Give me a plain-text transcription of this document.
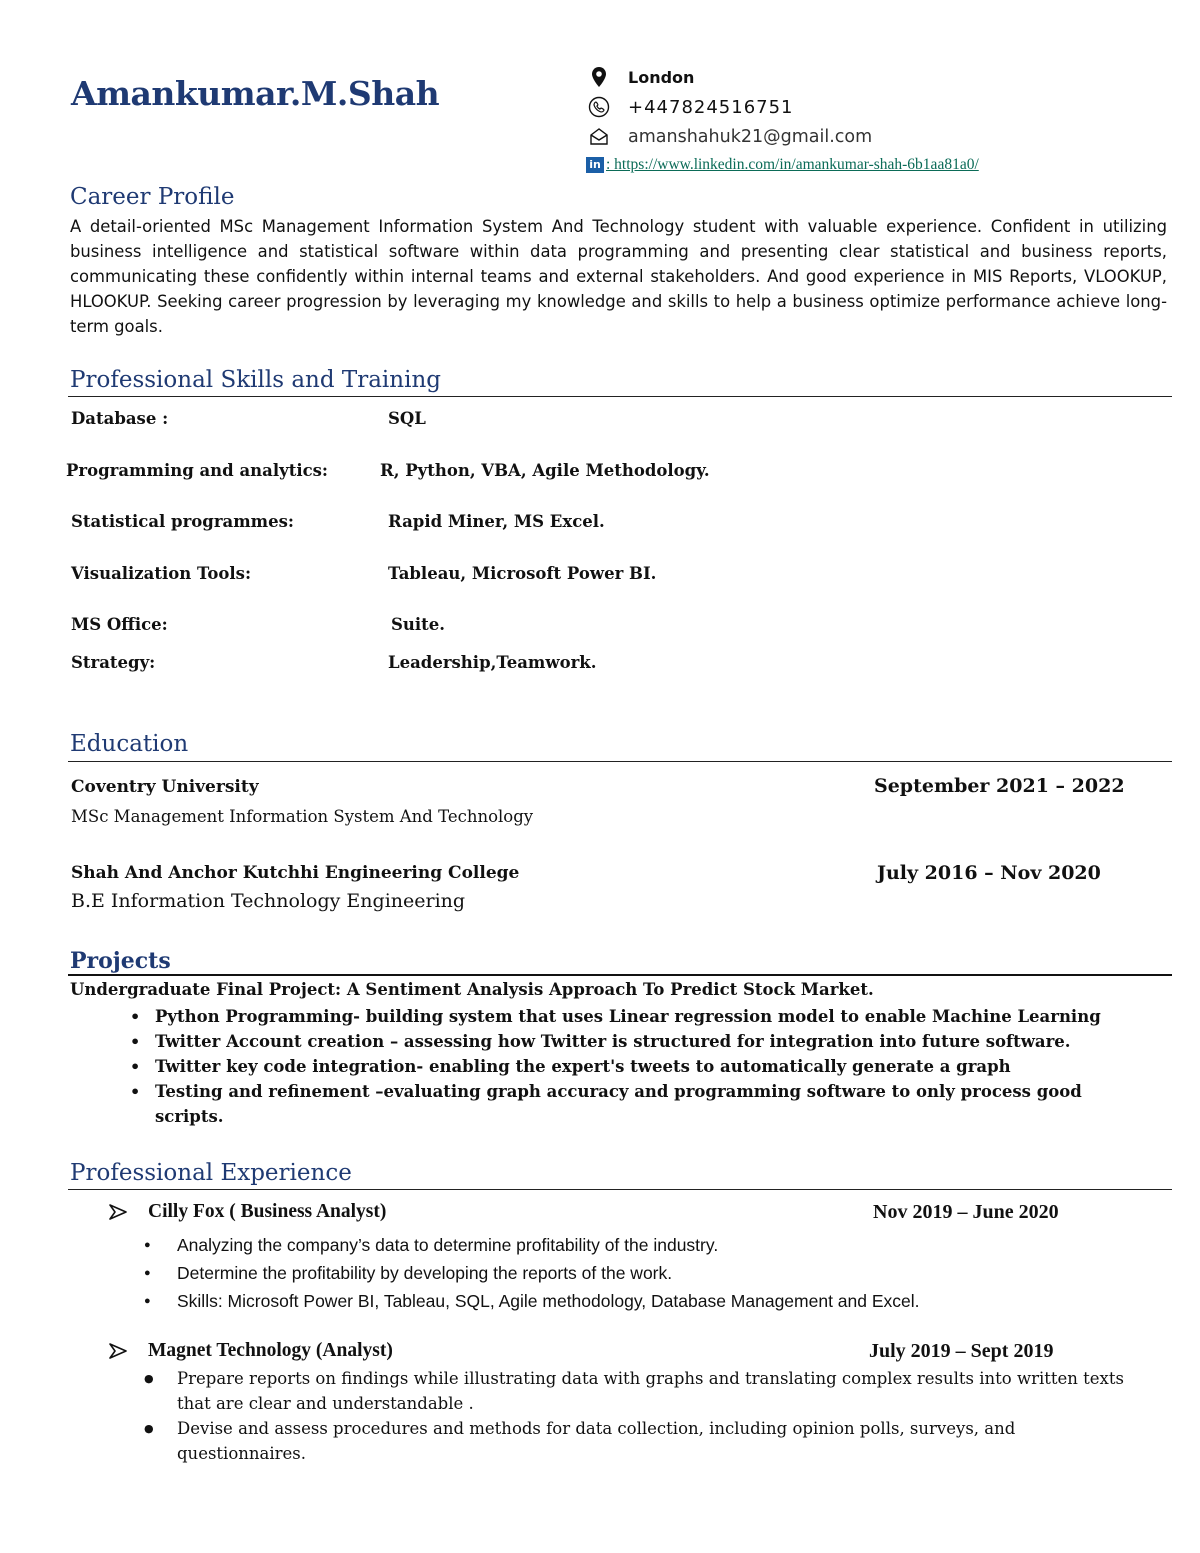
Amankumar.M.Shah	London
+447824516751
amanshahuk21@gmail.com
in : https://www.linkedin.com/in/amankumar-shah-6b1aa81a0/
Career Profile
A detail-oriented MSc Management Information System And Technology student with valuable experience. Confident in utilizing business intelligence and statistical software within data programming and presenting clear statistical and business reports, communicating these confidently within internal teams and external stakeholders. And good experience in MIS Reports, VLOOKUP, HLOOKUP. Seeking career progression by leveraging my knowledge and skills to help a business optimize performance achieve long-term goals.
Professional Skills and Training
Database :	SQL
Programming and analytics:	R, Python, VBA, Agile Methodology.
Statistical programmes:	Rapid Miner, MS Excel.
Visualization Tools:	Tableau, Microsoft Power BI.
MS Office:	Suite.
Strategy:	Leadership,Teamwork.
Education
Coventry University	September 2021 – 2022
MSc Management Information System And Technology
Shah And Anchor Kutchhi Engineering College	July 2016 – Nov 2020
B.E Information Technology Engineering
Projects
Undergraduate Final Project: A Sentiment Analysis Approach To Predict Stock Market.
• Python Programming- building system that uses Linear regression model to enable Machine Learning
• Twitter Account creation – assessing how Twitter is structured for integration into future software.
• Twitter key code integration- enabling the expert's tweets to automatically generate a graph
• Testing and refinement –evaluating graph accuracy and programming software to only process good scripts.
Professional Experience
Cilly Fox ( Business Analyst)	Nov 2019 – June 2020
● Analyzing the company’s data to determine profitability of the industry.
● Determine the profitability by developing the reports of the work.
● Skills: Microsoft Power BI, Tableau, SQL, Agile methodology, Database Management and Excel.
Magnet Technology (Analyst)	July 2019 – Sept 2019
● Prepare reports on findings while illustrating data with graphs and translating complex results into written texts that are clear and understandable .
● Devise and assess procedures and methods for data collection, including opinion polls, surveys, and questionnaires.
